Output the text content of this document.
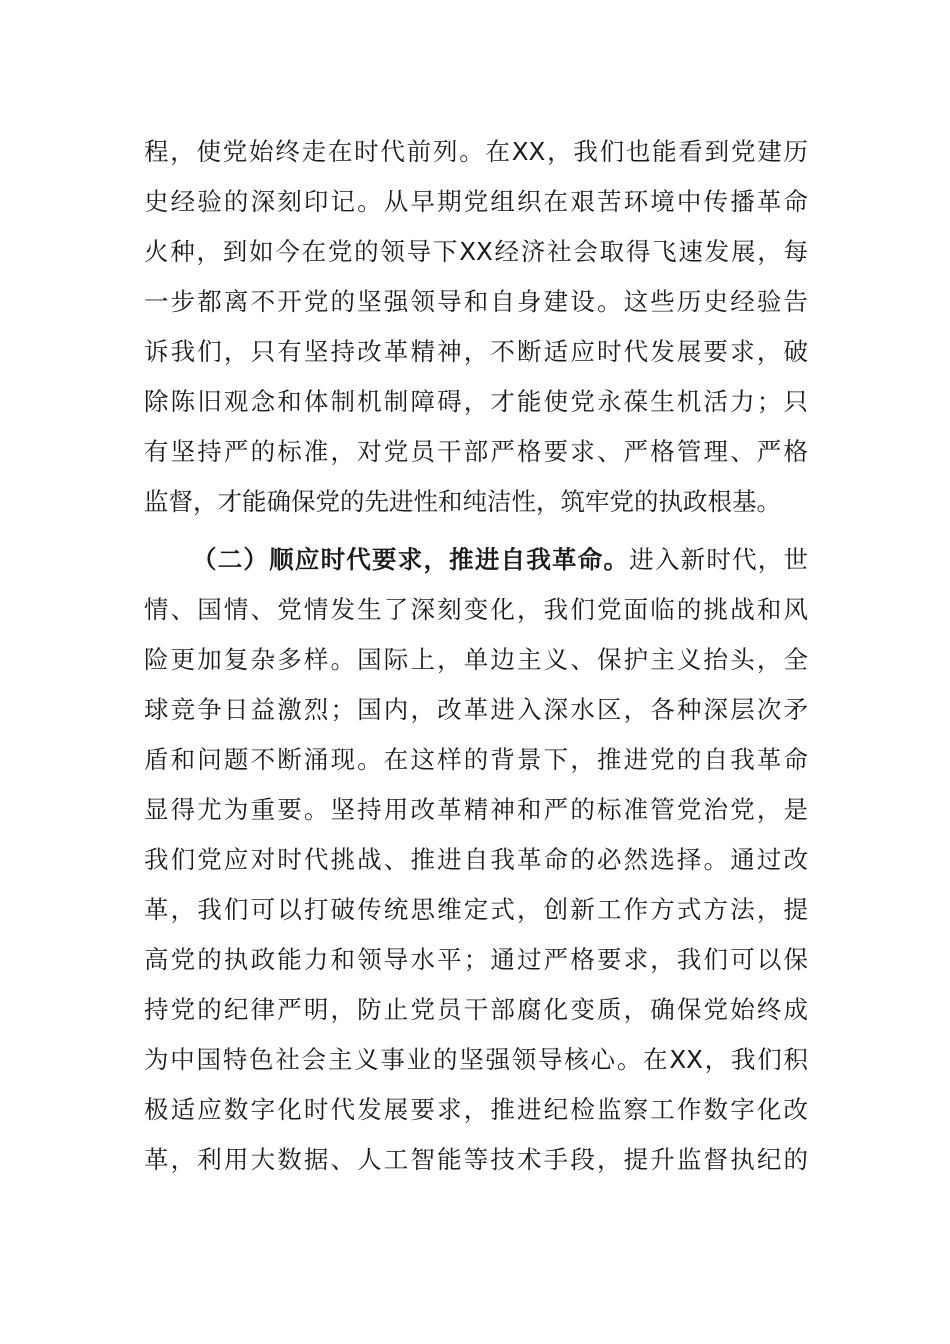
程，使党始终走在时代前列。在XX，我们也能看到党建历
史经验的深刻印记。从早期党组织在艰苦环境中传播革命
火种，到如今在党的领导下XX经济社会取得飞速发展，每
一步都离不开党的坚强领导和自身建设。这些历史经验告
诉我们，只有坚持改革精神，不断适应时代发展要求，破
除陈旧观念和体制机制障碍，才能使党永葆生机活力；只
有坚持严的标准，对党员干部严格要求、严格管理、严格
监督，才能确保党的先进性和纯洁性，筑牢党的执政根基。
（二）顺应时代要求，推进自我革命。进入新时代，世
情、国情、党情发生了深刻变化，我们党面临的挑战和风
险更加复杂多样。国际上，单边主义、保护主义抬头，全
球竞争日益激烈；国内，改革进入深水区，各种深层次矛
盾和问题不断涌现。在这样的背景下，推进党的自我革命
显得尤为重要。坚持用改革精神和严的标准管党治党，是
我们党应对时代挑战、推进自我革命的必然选择。通过改
革，我们可以打破传统思维定式，创新工作方式方法，提
高党的执政能力和领导水平；通过严格要求，我们可以保
持党的纪律严明，防止党员干部腐化变质，确保党始终成
为中国特色社会主义事业的坚强领导核心。在XX，我们积
极适应数字化时代发展要求，推进纪检监察工作数字化改
革，利用大数据、人工智能等技术手段，提升监督执纪的
